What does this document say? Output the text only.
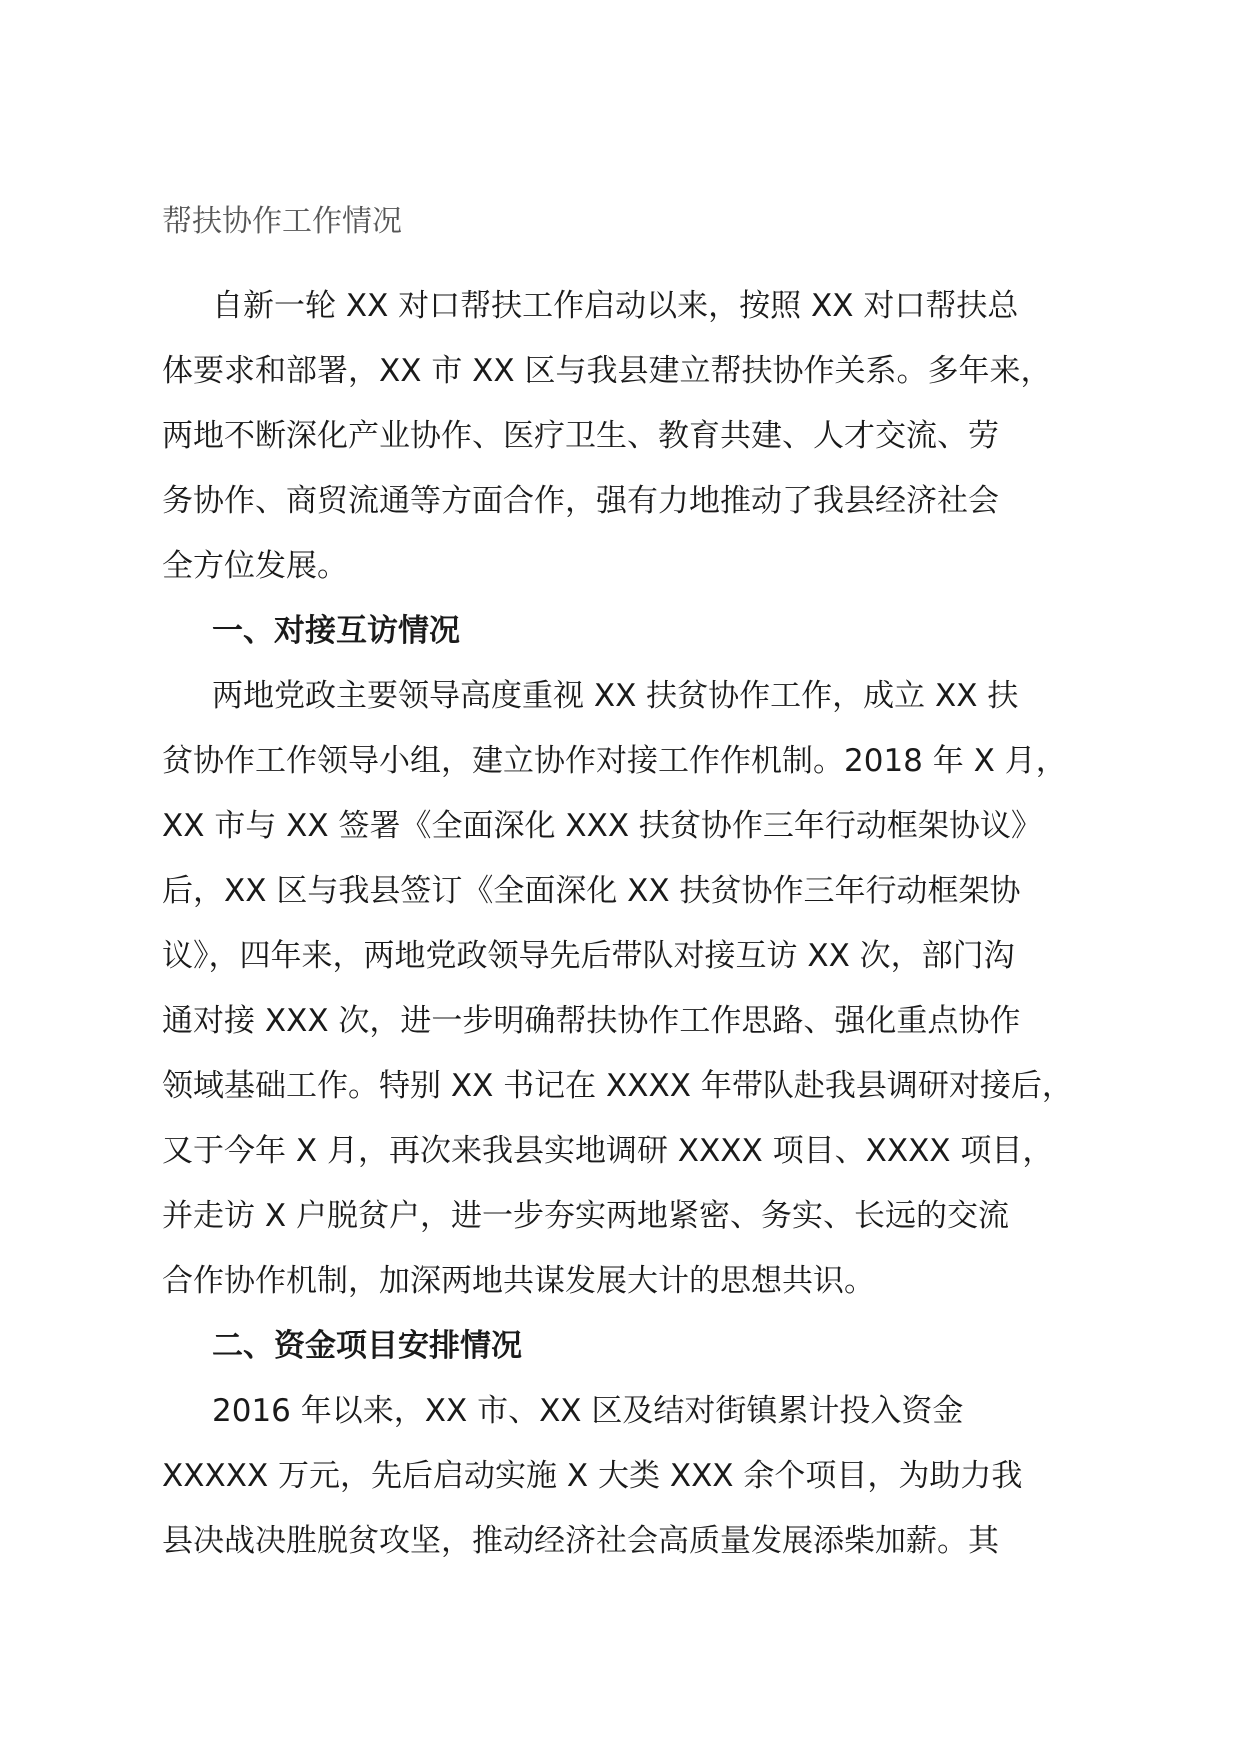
帮扶协作工作情况
自新一轮 XX 对口帮扶工作启动以来，按照 XX 对口帮扶总
体要求和部署，XX 市 XX 区与我县建立帮扶协作关系。多年来，
两地不断深化产业协作、医疗卫生、教育共建、人才交流、劳
务协作、商贸流通等方面合作，强有力地推动了我县经济社会
全方位发展。
一、对接互访情况
两地党政主要领导高度重视 XX 扶贫协作工作，成立 XX 扶
贫协作工作领导小组，建立协作对接工作作机制。2018 年 X 月，
XX 市与 XX 签署《全面深化 XXX 扶贫协作三年行动框架协议》
后，XX 区与我县签订《全面深化 XX 扶贫协作三年行动框架协
议》，四年来，两地党政领导先后带队对接互访 XX 次，部门沟
通对接 XXX 次，进一步明确帮扶协作工作思路、强化重点协作
领域基础工作。特别 XX 书记在 XXXX 年带队赴我县调研对接后，
又于今年 X 月，再次来我县实地调研 XXXX 项目、XXXX 项目，
并走访 X 户脱贫户，进一步夯实两地紧密、务实、长远的交流
合作协作机制，加深两地共谋发展大计的思想共识。
二、资金项目安排情况
2016 年以来，XX 市、XX 区及结对街镇累计投入资金
XXXXX 万元，先后启动实施 X 大类 XXX 余个项目，为助力我
县决战决胜脱贫攻坚，推动经济社会高质量发展添柴加薪。其
